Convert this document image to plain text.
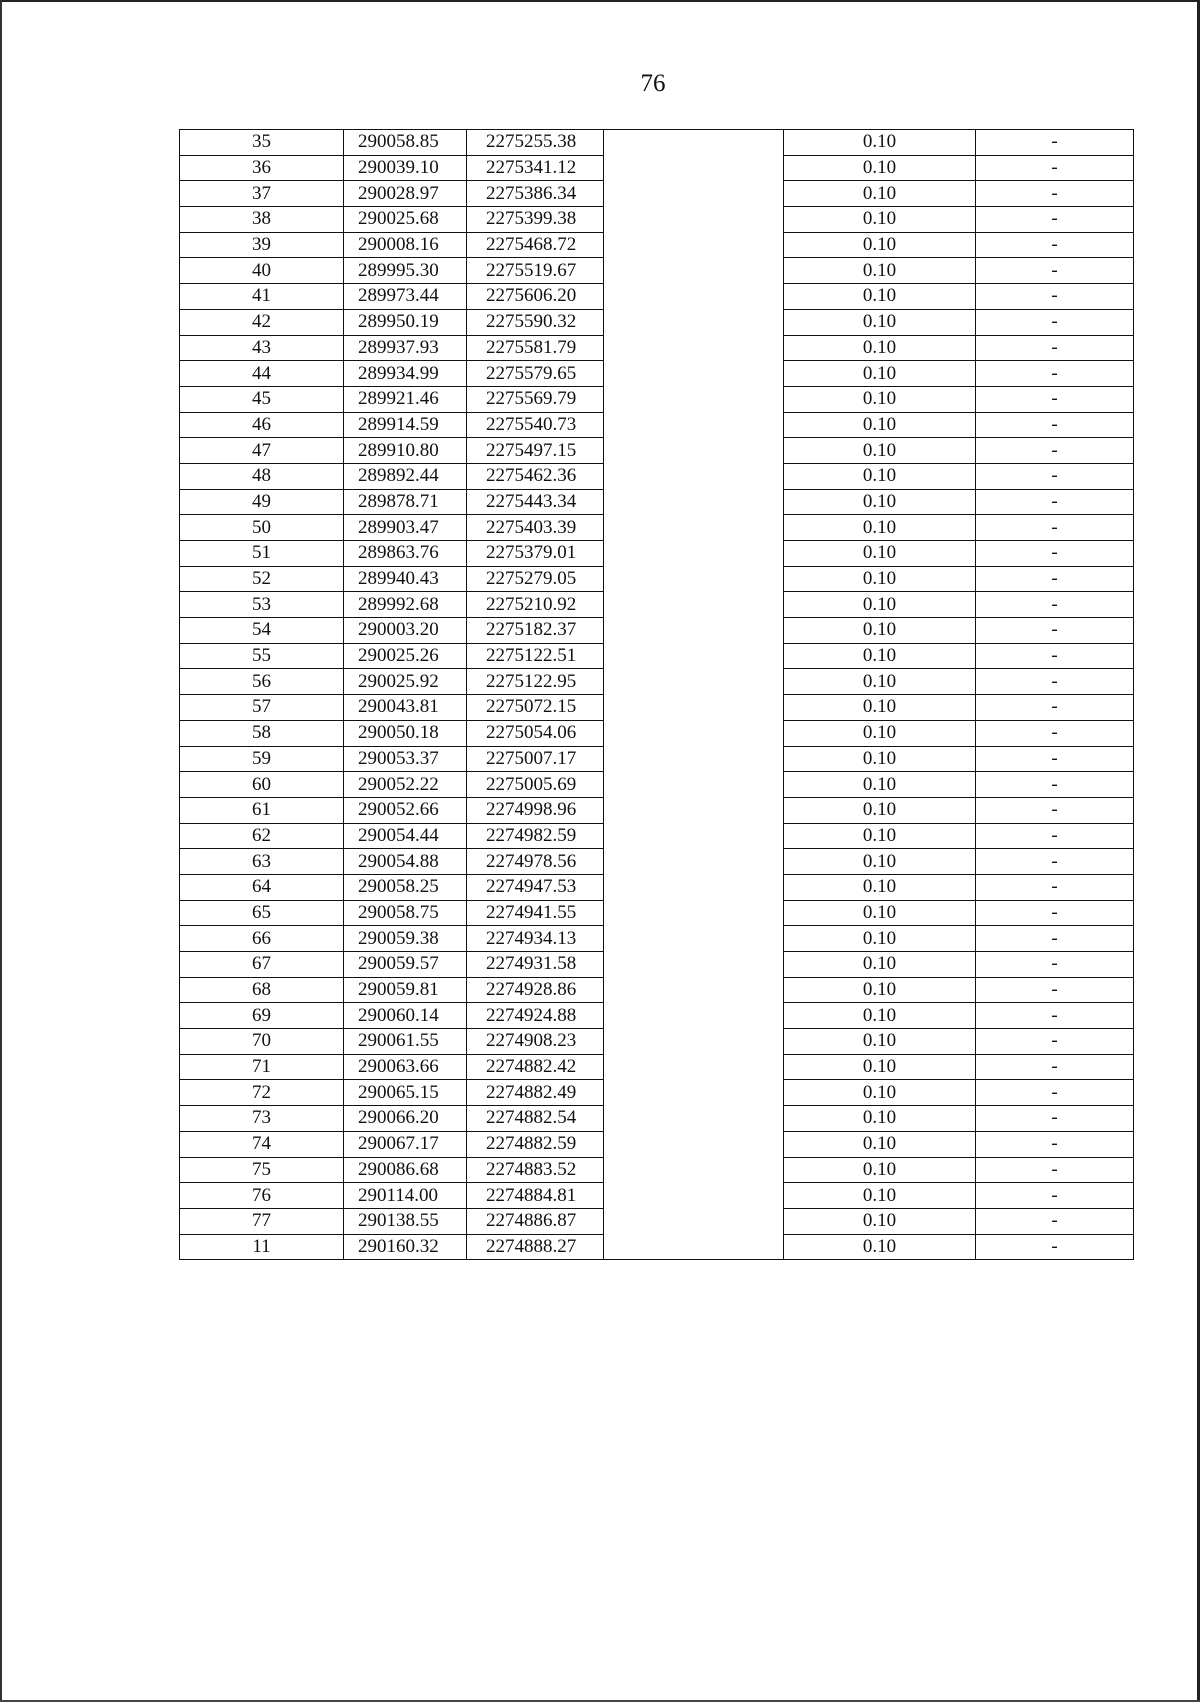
76
35	290058.85	2275255.38		0.10	-
36	290039.10	2275341.12		0.10	-
37	290028.97	2275386.34		0.10	-
38	290025.68	2275399.38		0.10	-
39	290008.16	2275468.72		0.10	-
40	289995.30	2275519.67		0.10	-
41	289973.44	2275606.20		0.10	-
42	289950.19	2275590.32		0.10	-
43	289937.93	2275581.79		0.10	-
44	289934.99	2275579.65		0.10	-
45	289921.46	2275569.79		0.10	-
46	289914.59	2275540.73		0.10	-
47	289910.80	2275497.15		0.10	-
48	289892.44	2275462.36		0.10	-
49	289878.71	2275443.34		0.10	-
50	289903.47	2275403.39		0.10	-
51	289863.76	2275379.01		0.10	-
52	289940.43	2275279.05		0.10	-
53	289992.68	2275210.92		0.10	-
54	290003.20	2275182.37		0.10	-
55	290025.26	2275122.51		0.10	-
56	290025.92	2275122.95		0.10	-
57	290043.81	2275072.15		0.10	-
58	290050.18	2275054.06		0.10	-
59	290053.37	2275007.17		0.10	-
60	290052.22	2275005.69		0.10	-
61	290052.66	2274998.96		0.10	-
62	290054.44	2274982.59		0.10	-
63	290054.88	2274978.56		0.10	-
64	290058.25	2274947.53		0.10	-
65	290058.75	2274941.55		0.10	-
66	290059.38	2274934.13		0.10	-
67	290059.57	2274931.58		0.10	-
68	290059.81	2274928.86		0.10	-
69	290060.14	2274924.88		0.10	-
70	290061.55	2274908.23		0.10	-
71	290063.66	2274882.42		0.10	-
72	290065.15	2274882.49		0.10	-
73	290066.20	2274882.54		0.10	-
74	290067.17	2274882.59		0.10	-
75	290086.68	2274883.52		0.10	-
76	290114.00	2274884.81		0.10	-
77	290138.55	2274886.87		0.10	-
11	290160.32	2274888.27		0.10	-
